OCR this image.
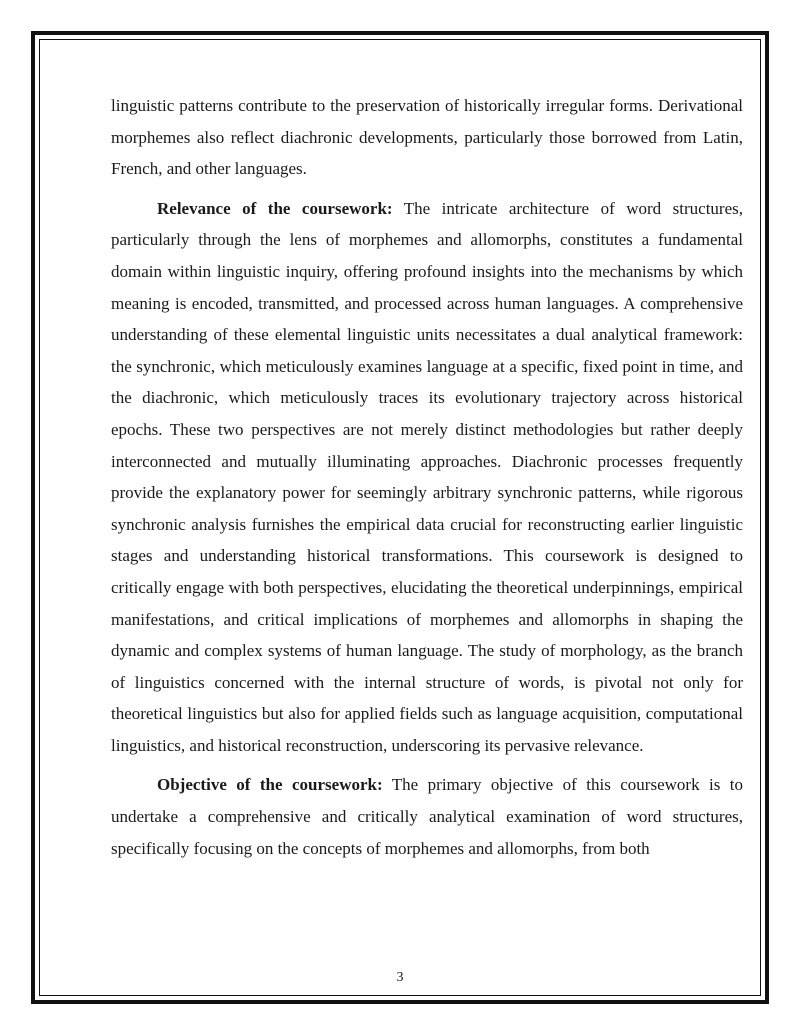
linguistic patterns contribute to the preservation of historically irregular forms. Derivational morphemes also reflect diachronic developments, particularly those borrowed from Latin, French, and other languages.

Relevance of the coursework: The intricate architecture of word structures, particularly through the lens of morphemes and allomorphs, constitutes a fundamental domain within linguistic inquiry, offering profound insights into the mechanisms by which meaning is encoded, transmitted, and processed across human languages. A comprehensive understanding of these elemental linguistic units necessitates a dual analytical framework: the synchronic, which meticulously examines language at a specific, fixed point in time, and the diachronic, which meticulously traces its evolutionary trajectory across historical epochs. These two perspectives are not merely distinct methodologies but rather deeply interconnected and mutually illuminating approaches. Diachronic processes frequently provide the explanatory power for seemingly arbitrary synchronic patterns, while rigorous synchronic analysis furnishes the empirical data crucial for reconstructing earlier linguistic stages and understanding historical transformations. This coursework is designed to critically engage with both perspectives, elucidating the theoretical underpinnings, empirical manifestations, and critical implications of morphemes and allomorphs in shaping the dynamic and complex systems of human language. The study of morphology, as the branch of linguistics concerned with the internal structure of words, is pivotal not only for theoretical linguistics but also for applied fields such as language acquisition, computational linguistics, and historical reconstruction, underscoring its pervasive relevance.

Objective of the coursework: The primary objective of this coursework is to undertake a comprehensive and critically analytical examination of word structures, specifically focusing on the concepts of morphemes and allomorphs, from both

3
